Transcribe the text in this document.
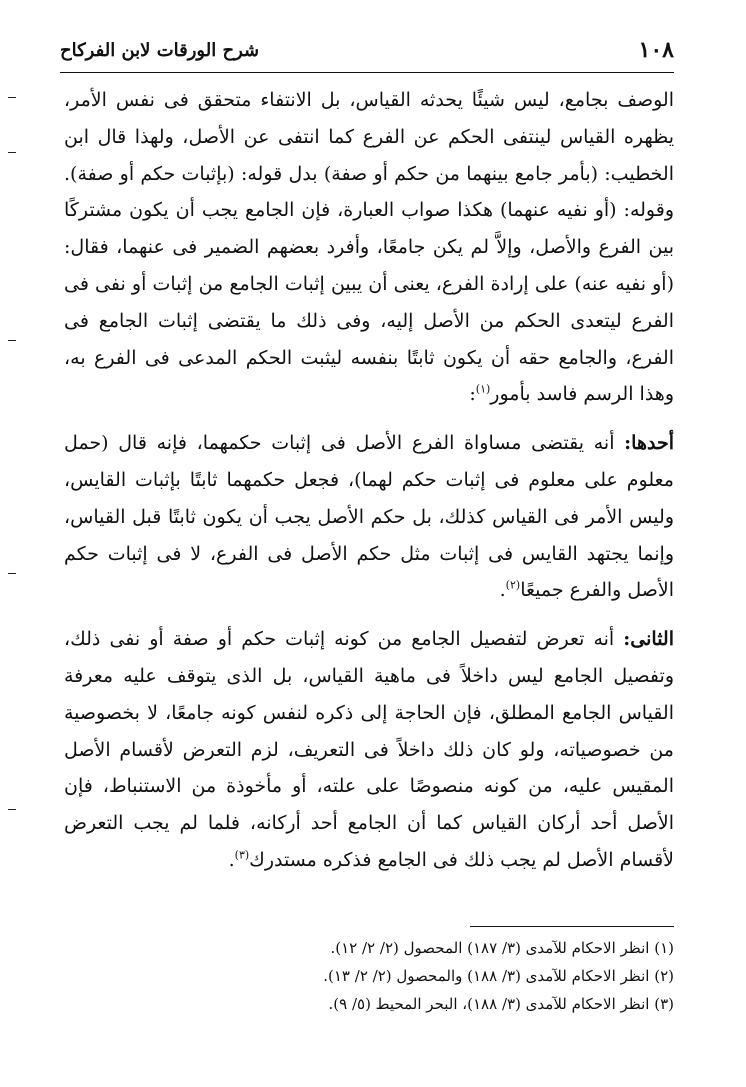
١٠٨
شرح الورقات لابن الفركاح

الوصف بجامع، ليس شيئًا يحدثه القياس، بل الانتفاء متحقق فى نفس الأمر، يظهره القياس لينتفى الحكم عن الفرع كما انتفى عن الأصل، ولهذا قال ابن الخطيب: (بأمر جامع بينهما من حكم أو صفة) بدل قوله: (بإثبات حكم أو صفة). وقوله: (أو نفيه عنهما) هكذا صواب العبارة، فإن الجامع يجب أن يكون مشتركًا بين الفرع والأصل، وإلاَّ لم يكن جامعًا، وأفرد بعضهم الضمير فى عنهما، فقال: (أو نفيه عنه) على إرادة الفرع، يعنى أن يبين إثبات الجامع من إثبات أو نفى فى الفرع ليتعدى الحكم من الأصل إليه، وفى ذلك ما يقتضى إثبات الجامع فى الفرع، والجامع حقه أن يكون ثابتًا بنفسه ليثبت الحكم المدعى فى الفرع به، وهذا الرسم فاسد بأمور$^{(١)}$:

أحدها: أنه يقتضى مساواة الفرع الأصل فى إثبات حكمهما، فإنه قال (حمل معلوم على معلوم فى إثبات حكم لهما)، فجعل حكمهما ثابتًا بإثبات القايس، وليس الأمر فى القياس كذلك، بل حكم الأصل يجب أن يكون ثابتًا قبل القياس، وإنما يجتهد القايس فى إثبات مثل حكم الأصل فى الفرع، لا فى إثبات حكم الأصل والفرع جميعًا$^{(٢)}$.

الثانى: أنه تعرض لتفصيل الجامع من كونه إثبات حكم أو صفة أو نفى ذلك، وتفصيل الجامع ليس داخلاً فى ماهية القياس، بل الذى يتوقف عليه معرفة القياس الجامع المطلق، فإن الحاجة إلى ذكره لنفس كونه جامعًا، لا بخصوصية من خصوصياته، ولو كان ذلك داخلاً فى التعريف، لزم التعرض لأقسام الأصل المقيس عليه، من كونه منصوصًا على علته، أو مأخوذة من الاستنباط، فإن الأصل أحد أركان القياس كما أن الجامع أحد أركانه، فلما لم يجب التعرض لأقسام الأصل لم يجب ذلك فى الجامع فذكره مستدرك$^{(٣)}$.

(١) انظر الاحكام للآمدى (٣/ ١٨٧) المحصول (٢/ ٢/ ١٢).
(٢) انظر الاحكام للآمدى (٣/ ١٨٨) والمحصول (٢/ ٢/ ١٣).
(٣) انظر الاحكام للآمدى (٣/ ١٨٨)، البحر المحيط (٥/ ٩).
